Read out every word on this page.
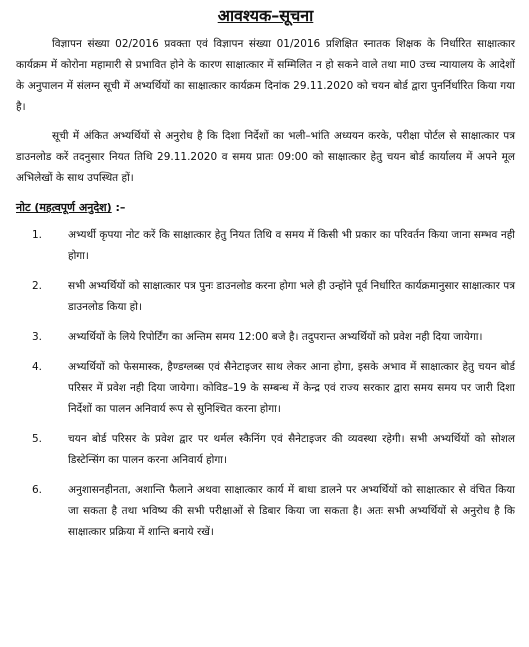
आवश्यक–सूचना

विज्ञापन संख्या 02/2016 प्रवक्ता एवं विज्ञापन संख्या 01/2016 प्रशिक्षित स्नातक शिक्षक के निर्धारित साक्षात्कार कार्यक्रम में कोरोना महामारी से प्रभावित होने के कारण साक्षात्कार में सम्मिलित न हो सकने वाले तथा मा0 उच्च न्यायालय के आदेशों के अनुपालन में संलग्न सूची में अभ्यर्थियों का साक्षात्कार कार्यक्रम दिनांक 29.11.2020 को चयन बोर्ड द्वारा पुनर्निर्धारित किया गया है।

सूची में अंकित अभ्यर्थियों से अनुरोध है कि दिशा निर्देशों का भली–भांति अध्ययन करके, परीक्षा पोर्टल से साक्षात्कार पत्र डाउनलोड करें तदनुसार नियत तिथि 29.11.2020 व समय प्रातः 09:00 को साक्षात्कार हेतु चयन बोर्ड कार्यालय में अपने मूल अभिलेखों के साथ उपस्थित हों।

नोट (महत्वपूर्ण अनुदेश) :–
1.	अभ्यर्थी कृपया नोट करें कि साक्षात्कार हेतु नियत तिथि व समय में किसी भी प्रकार का परिवर्तन किया जाना सम्भव नही होगा।
2.	सभी अभ्यर्थियों को साक्षात्कार पत्र पुनः डाउनलोड करना होगा भले ही उन्होंने पूर्व निर्धारित कार्यक्रमानुसार साक्षात्कार पत्र डाउनलोड किया हो।
3.	अभ्यर्थियों के लिये रिपोर्टिंग का अन्तिम समय 12:00 बजे है। तदुपरान्त अभ्यर्थियों को प्रवेश नही दिया जायेगा।
4.	अभ्यर्थियों को फेसमास्क, हैण्डग्लब्स एवं सैनेटाइजर साथ लेकर आना होगा, इसके अभाव में साक्षात्कार हेतु चयन बोर्ड परिसर में प्रवेश नही दिया जायेगा। कोविड–19 के सम्बन्ध में केन्द्र एवं राज्य सरकार द्वारा समय समय पर जारी दिशा निर्देशों का पालन अनिवार्य रूप से सुनिश्चित करना होगा।
5.	चयन बोर्ड परिसर के प्रवेश द्वार पर थर्मल स्कैनिंग एवं सैनेटाइजर की व्यवस्था रहेगी। सभी अभ्यर्थियों को सोशल डिस्टेन्सिंग का पालन करना अनिवार्य होगा।
6.	अनुशासनहीनता, अशान्ति फैलाने अथवा साक्षात्कार कार्य में बाधा डालने पर अभ्यर्थियों को साक्षात्कार से वंचित किया जा सकता है तथा भविष्य की सभी परीक्षाओं से डिबार किया जा सकता है। अतः सभी अभ्यर्थियों से अनुरोध है कि साक्षात्कार प्रक्रिया में शान्ति बनाये रखें।
